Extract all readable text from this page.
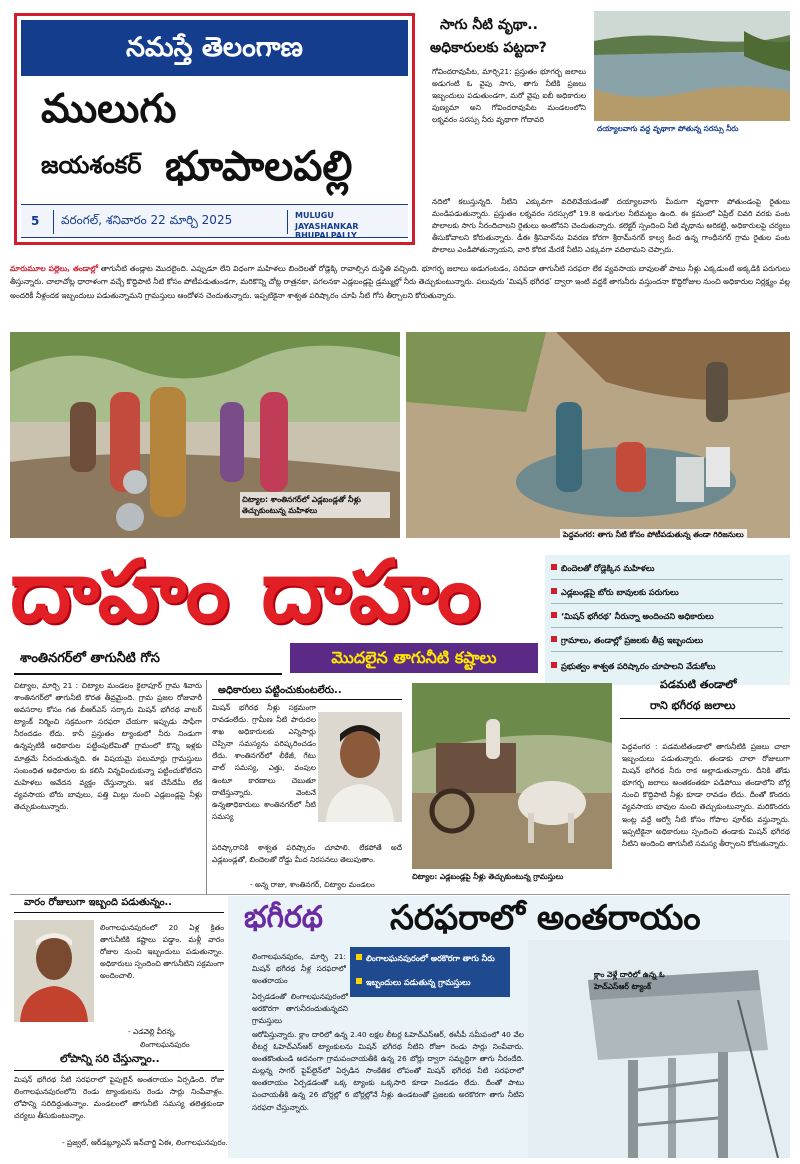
నమస్తే తెలంగాణ
ములుగు
జయశంకర్ భూపాలపల్లి
5 వరంగల్, శనివారం 22 మార్చి 2025	MULUGU
JAYASHANKAR BHUPALPALLY
సాగు నీటి వృథా..
అధికారులకు పట్టదా?
గోవిందరావుపేట, మార్చి21: ప్రస్తుతం భూగర్భ జలాలు అడుగంటి ఓ వైపు సాగు, తాగు నీటికి ప్రజలు ఇబ్బందులు పడుతుండగా, మరో వైపు ఐబీ అధికారుల పుణ్యమా అని గోవిందరావుపేట మండలంలోని లక్నవరం సరస్సు నీరు వృథాగా గోదావరి
దయ్యాలవాగు వద్ద వృథాగా పోతున్న సరస్సు నీరు
నదిలో కలుస్తున్నది. నీటిని ఎక్కువగా వదిలివేయడంతో దయ్యాలవాగు మీదుగా వృథాగా పోతుండంపై రైతులు మండిపడుతున్నారు. ప్రస్తుతం లక్నవరం సరస్సులో 19.8 అడుగుల నీటిమట్టం ఉంది. ఈ క్రమంలో ఏప్రిల్ చివరి వరకు పంట పొలాలకు సాగు నీరందిచాలని రైతులు అంటోనని చెందుతున్నారు. కలెక్టర్ స్పందించి నీటి వృథాను అరికట్టి, అధికారులపై చర్యలు తీసుకోవాలని కోరుతున్నారు. డీఈ శ్రీనివాస్‌ను వివరణ కోరగా శ్రీరామ్‌నగర్ కాల్వ కింద ఉన్న గాంధీనగర్ గ్రామ రైతుల పంట పొలాలు ఎండిపోతున్నాయని, వారి కోరిక మేరకే నీటిని ఎక్కువగా వదిలామని చెప్పారు.
మారుమూల పల్లెలు, తండాల్లో తాగునీటి తండ్లాట మొదలైంది. ఎప్పుడూ లేని విధంగా మహిళలు బిందెలతో రోడ్లెక్కి రావాల్సిన దుస్థితి వచ్చింది. భూగర్భ జలాలు అడుగంటడం, సరిపడా తాగునీటి సరఫరా లేక వ్యవసాయ బావులతో పాటు నీళ్లు ఎక్కడుంటే అక్కడికి పరుగులు తీస్తున్నారు. చాలాచోట్ల ధారాళంగా వచ్చే కొద్దిపాటి నీటి కోసం పోటీపడుతుండగా, మరికొన్ని చోట్ల రాత్రనకా, పగలనకా ఎడ్లబండ్లపై డ్రమ్ముల్లో నీరు తెచ్చుకుంటున్నారు. పలువురు ‘మిషన్ భగీరథ’ ద్వారా ఇంటి వద్దకే తాగునీరు వస్తుందనా కొద్దిరోజుల నుంచి అధికారుల నిర్లక్ష్యం వల్ల అందరికీ నీళ్లందక ఇబ్బందులు పడుతున్నామని గ్రామస్తులు ఆందోళన చెందుతున్నారు. ఇప్పటికైనా శాశ్వత పరిష్కారం చూపి నీటి గోస తీర్చాలని కోరుతున్నారు.
చిట్యాల: శాంతినగర్‌లో ఎడ్లబండ్లతో నీళ్లు తెచ్చుకుంటున్న మహిళలు
పెద్దవంగర: తాగు నీటి కోసం పోటీపడుతున్న తండా గిరిజనులు
దాహం దాహం
శాంతినగర్‌లో తాగునీటి గోస	మొదలైన తాగునీటి కష్టాలు
బిందెలతో రోడ్లెక్కిన మహిళలు
ఎడ్లబండ్లపై బోరు బావులకు పరుగులు
‘మిషన్ భగీరథ’ నీరున్నా అందించని అధికారులు
గ్రామాలు, తండాల్లో ప్రజలకు తీవ్ర ఇబ్బందులు
ప్రభుత్వం శాశ్వత పరిష్కారం చూపాలని వేడుకోలు
చిట్యాల, మార్చి 21 : చిట్యాల మండలం కైలాపూర్ గ్రామ శివారు శాంతినగర్‌లో తాగునీటి కొరత తీవ్రమైంది. గ్రామ ప్రజల రోజువారీ అవసరాల కోసం గత బీఆర్‌ఎస్ సర్కారు మిషన్ భగీరథ వాటర్ ట్యాంక్ నిర్మించి సక్రమంగా సరఫరా చేయగా ఇప్పుడు సాఫీగా నీరందడం లేదు. కానీ ప్రస్తుతం ట్యాంకులో నీరు నిండుగా ఉన్నప్పటికీ అధికారుల పట్టింపులేమితో గ్రామంలో కొన్ని ఇళ్లకు మాత్రమే నీరందుతున్నది. ఈ విషయమై పలుమార్లు గ్రామస్తులు సంబంధిత అధికారుల కు కలిసి విన్నవించుకున్నా పట్టించుకోలేదని మహిళలు ఆవేదన వ్యక్తం చేస్తున్నారు. ఇక చేసేదేమీ లేక వ్యవసాయ బోరు బావులు, పత్తి మిల్లు నుంచి ఎడ్లబండ్లపై నీళ్లు తెచ్చుకుంటున్నారు.
అధికారులు పట్టించుకుంటలేరు..
మిషన్ భగీరథ నీళ్లు సక్రమంగా రావడంలేదు. గ్రామీణ నీటి పారుదల శాఖ అధికారులకు ఎన్నిసార్లు చెప్పినా సమస్యను పరిష్కరించడం లేదు. శాంతినగర్‌లో లీకేజీ, గేటు వాల్ సమస్య, ఎత్తు, వంపుల ఉంటూ కారణాలు చెబుతూ దాటేస్తున్నారు. వెంటనే ఉన్నతాధికారులు శాంతినగర్‌లో నీటి సమస్య
పరిష్కారానికి శాశ్వత పరిష్కారం చూపాలి. లేకపోతే అదే ఎడ్లబండ్లతో, బిందెలతో రోడ్డు మీద నిరసనలు తెలుపుతాం.
- అన్న రాజు, శాంతినగర్, చిట్యాల మండలం
చిట్యాల: ఎడ్లబండ్లపై నీళ్లు తెచ్చుకుంటున్న గ్రామస్తులు
పడమటి తండాలో
రాని భగీరథ జలాలు
పెద్దవంగర : పడమటితండాలో తాగునీటికి ప్రజలు చాలా ఇబ్బందులు పడుతున్నారు. తండాకు చాలా రోజులుగా మిషన్ భగీరథ నీరు రాక అల్లాడుతున్నారు. దీనికి తోడు భూగర్భ జలాలు అంతకంతకూ పడిపోయి తండాలోని బోర్ల నుంచి కొద్దిపాటి నీళ్లు కూడా రావడం లేదు. దీంతో కొందరు వ్యవసాయ బావుల నుంచి తెచ్చుకుంటున్నారు. మరికొందరు ఇంట్ల వద్దే ఆర్వో నీటి కోసం గోపాల పూర్‌కు వస్తున్నారు. ఇప్పటికైనా అధికారులు స్పందించి తండాకు మిషన్ భగీరథ నీటిని అందించి తాగునీటి సమస్య తీర్చాలని కోరుతున్నారు.
వారం రోజులుగా ఇబ్బంది పడుతున్నం..
లింగాలఘనపురంలో 20 ఏళ్ల క్రితం తాగునీటికి కష్టాలు పడ్డాం. మళ్లీ వారం రోజుల నుంచి ఇబ్బందులు పడుతున్నాం. అధికారులు స్పందించి తాగునీటిని సక్రమంగా అందించాలి.
- ఎడవెల్లి వీరన్న,
లింగాలఘనపురం
లోపాన్ని సరి చేస్తున్నాం..
మిషన్ భగీరథ నీటి సరఫరాలో పైపులైన్ అంతరాయం ఏర్పడింది. రోజు లింగాలఘనపురంలోని రెండు ట్యాంకులను రెండు సార్లు నింపేవాళ్లం. లోపాన్ని సరిదిద్దుతున్నాం. మండలంలో తాగునీటి సమస్య తలెత్తకుండా చర్యలు తీసుకుంటున్నాం.
- ప్రజ్వల్, ఆర్‌డబ్ల్యూఎస్ ఇన్‌చార్జి ఏఈ, లింగాలఘనపురం.
భగీరథ సరఫరాలో అంతరాయం
లింగాలఘనపురం, మార్చి 21: మిషన్ భగీరథ నీళ్ల సరఫరాలో అంతరాయం
లింగాలఘనపురంలో అరకొరగా తాగు నీరు
ఇబ్బందులు పడుతున్న గ్రామస్తులు
ఏర్పడడంతో లింగాలఘనపురంలో అరకొరగా తాగునీరందుతున్నదని గ్రామస్తులు
ఆరోపిస్తున్నారు. క్లాం దారిలో ఉన్న 2.40 లక్షల లీటర్ల ఓహెచ్‌ఎస్‌ఆర్, ఈసీపీ సమీపంలో 40 వేల లీటర్ల ఓహెచ్‌ఎస్‌ఆర్ ట్యాంకులను మిషన్ భగీరథ నీటిని రోజూ రెండు సార్లు నింపేవారు. అంతకొంతుండి అదనంగా గ్రామపంచాయతీకి ఉన్న 26 బోర్లు ద్వారా సమృద్ధిగా తాగు నీరందేది. మల్లన్న సాగర్ పైప్‌లైన్‌లో ఏర్పడిన సాంకేతిక లోపంతో మిషన్ భగీరథ నీటి సరఫరాలో అంతరాయం ఏర్పడడంతో ఒక్క ట్యాంకు ఒక్కసారి కూడా నిండడం లేదు. దీంతో పాటు పంచాయతీకి ఉన్న 26 బోర్లల్లో 6 బోర్లల్లోనే నీళ్లు ఉండటంతో ప్రజలకు అరకొరగా తాగు నీటిని సరఫరా చేస్తున్నారు.
క్లాం వెళ్లే దారిలో ఉన్న ఓ హెచ్‌ఎస్‌ఆర్ ట్యాంక్
